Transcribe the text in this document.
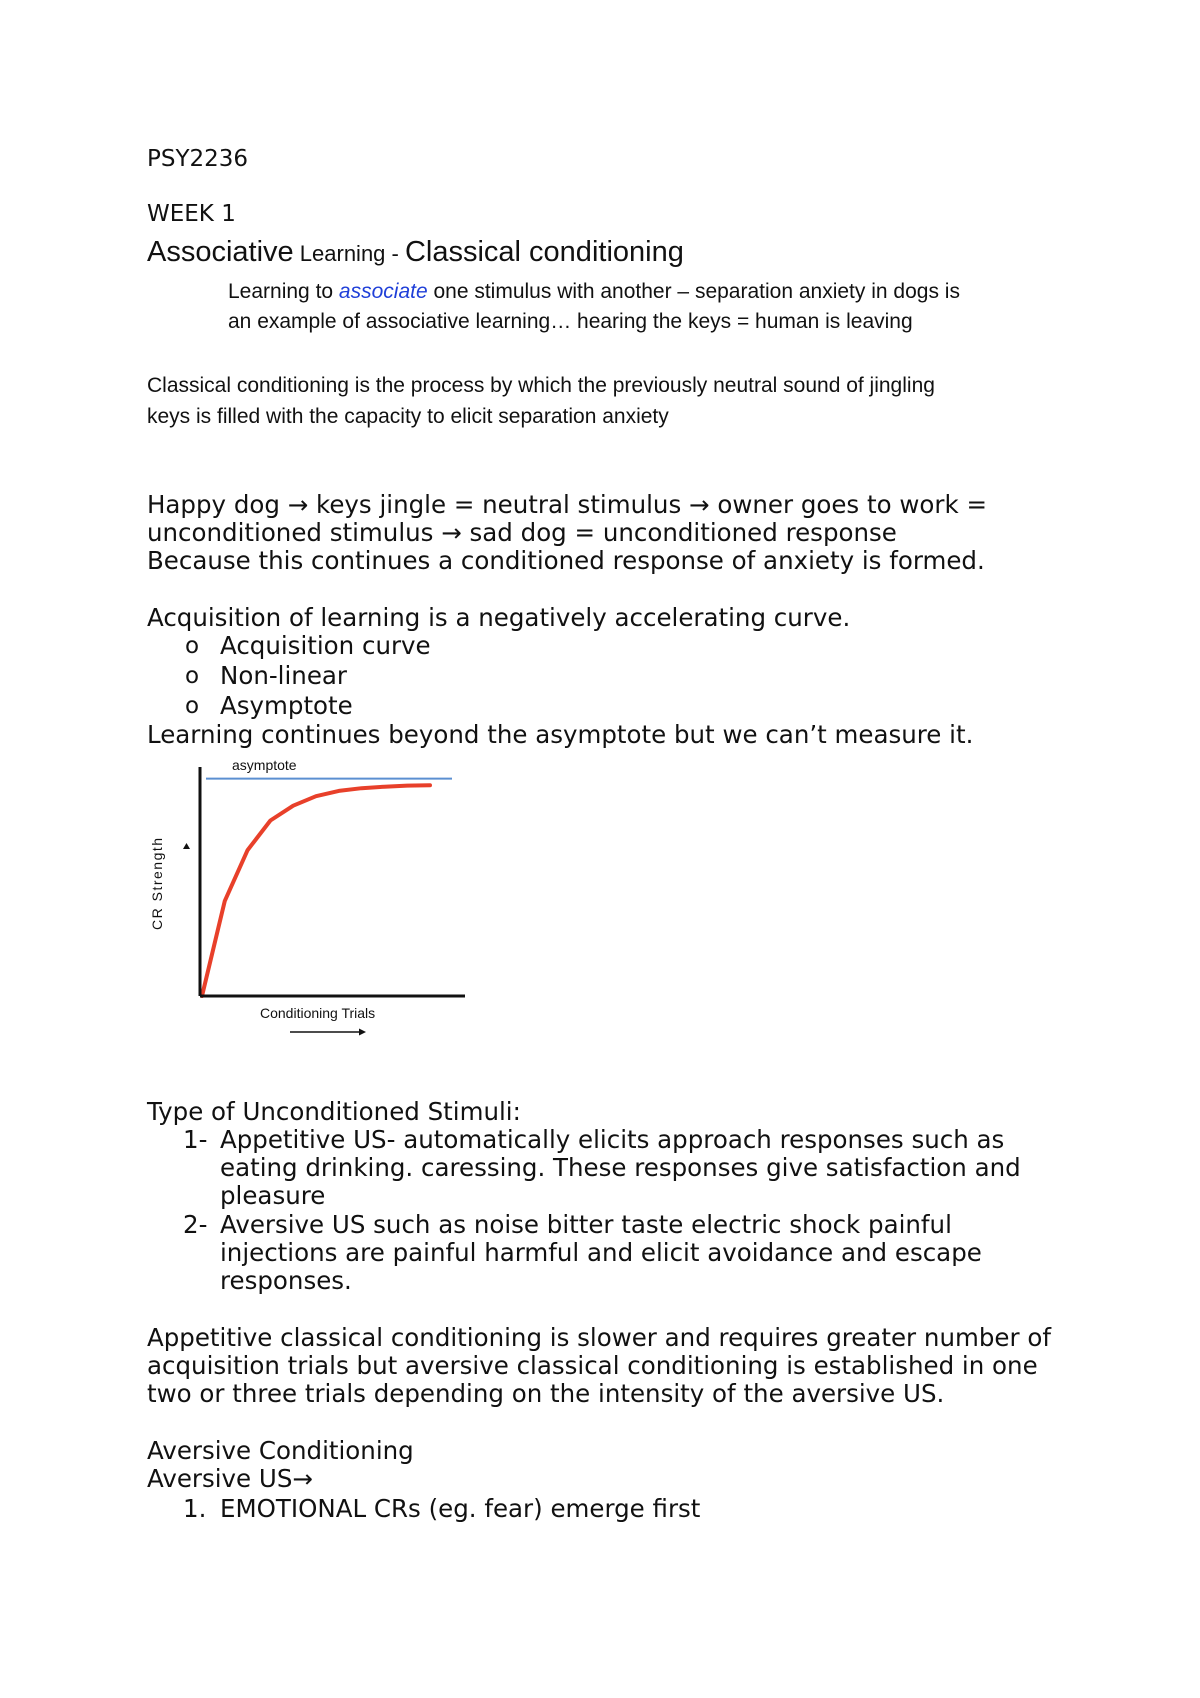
PSY2236
WEEK 1
Associative Learning - Classical conditioning
Learning to associate one stimulus with another – separation anxiety in dogs is
an example of associative learning… hearing the keys = human is leaving
Classical conditioning is the process by which the previously neutral sound of jingling
keys is filled with the capacity to elicit separation anxiety
Happy dog → keys jingle = neutral stimulus → owner goes to work =
unconditioned stimulus → sad dog = unconditioned response
Because this continues a conditioned response of anxiety is formed.
Acquisition of learning is a negatively accelerating curve.
o Acquisition curve
o Non-linear
o Asymptote
Learning continues beyond the asymptote but we can’t measure it.
asymptote
CR Strength
Conditioning Trials
Type of Unconditioned Stimuli:
1- Appetitive US- automatically elicits approach responses such as
eating drinking. caressing. These responses give satisfaction and
pleasure
2- Aversive US such as noise bitter taste electric shock painful
injections are painful harmful and elicit avoidance and escape
responses.
Appetitive classical conditioning is slower and requires greater number of
acquisition trials but aversive classical conditioning is established in one
two or three trials depending on the intensity of the aversive US.
Aversive Conditioning
Aversive US→
1. EMOTIONAL CRs (eg. fear) emerge first
